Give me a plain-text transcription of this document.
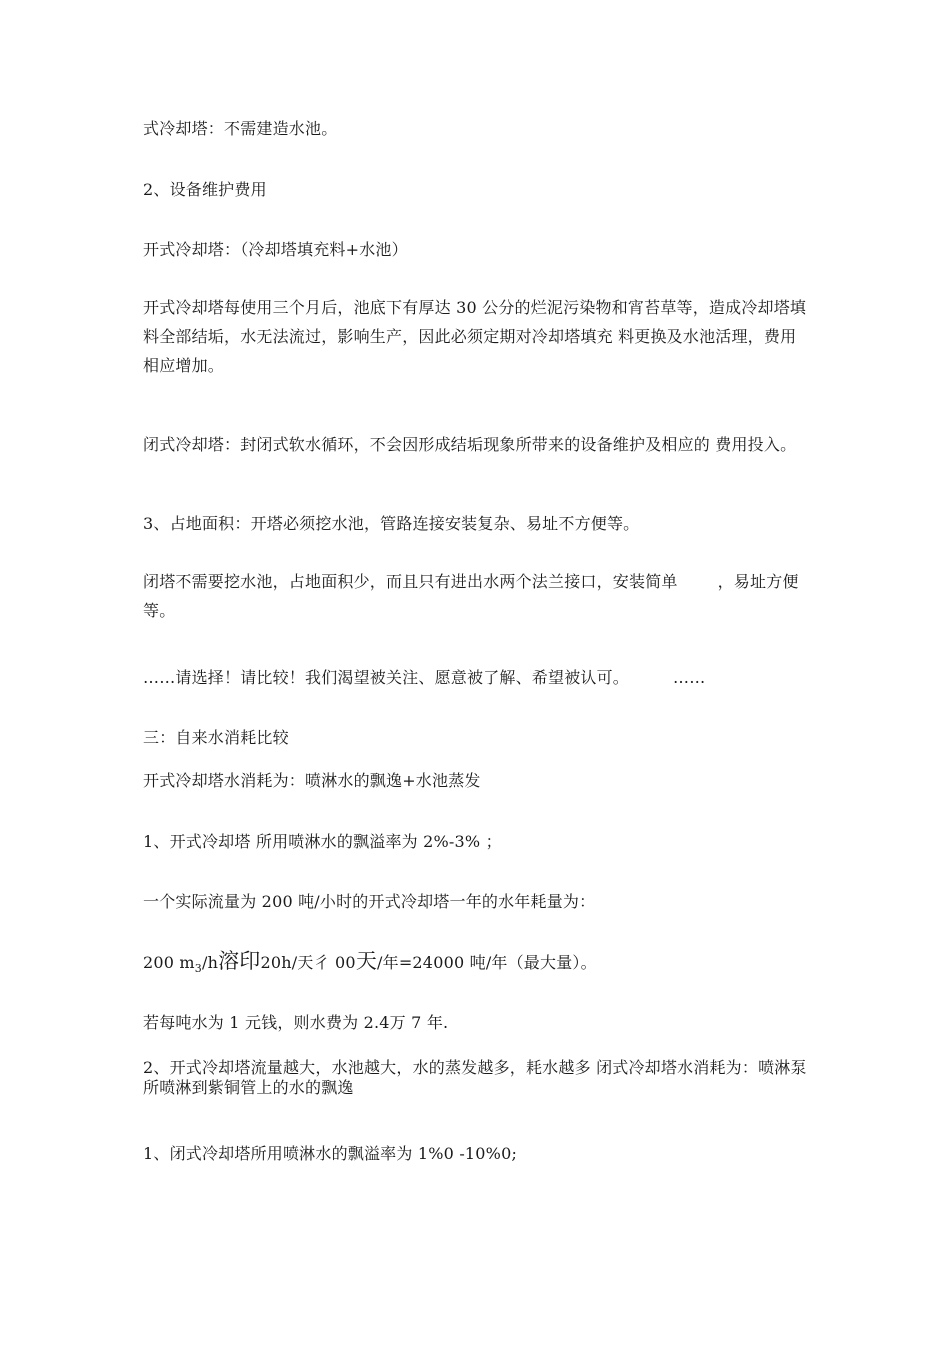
式冷却塔：不需建造水池。

2、设备维护费用

开式冷却塔：（冷却塔填充料+水池）

开式冷却塔每使用三个月后，池底下有厚达 30 公分的烂泥污染物和宵苔草等，造成冷却塔填料全部结垢，水无法流过，影响生产，因此必须定期对冷却塔填充 料更换及水池活理，费用相应增加。

闭式冷却塔：封闭式软水循环，不会因形成结垢现象所带来的设备维护及相应的 费用投入。

3、占地面积：开塔必须挖水池，管路连接安装复杂、易址不方便等。

闭塔不需要挖水池，占地面积少，而且只有进出水两个法兰接口，安装简单	，易址方便等。

……请选择！请比较！我们渴望被关注、愿意被了解、希望被认可。	……

三：自来水消耗比较

开式冷却塔水消耗为：喷淋水的飘逸+水池蒸发

1、开式冷却塔 所用喷淋水的飘溢率为 2%-3% ；

一个实际流量为 200 吨/小时的开式冷却塔一年的水年耗量为：

200 $m_3/h$溶印20h/天彳 00天/年=24000 吨/年（最大量）。

若每吨水为 1 元钱，则水费为 2.4万 7 年.

2、开式冷却塔流量越大，水池越大，水的蒸发越多，耗水越多 闭式冷却塔水消耗为：喷淋泵所喷淋到紫铜管上的水的飘逸

1、闭式冷却塔所用喷淋水的飘溢率为 1%0 -10%0;
